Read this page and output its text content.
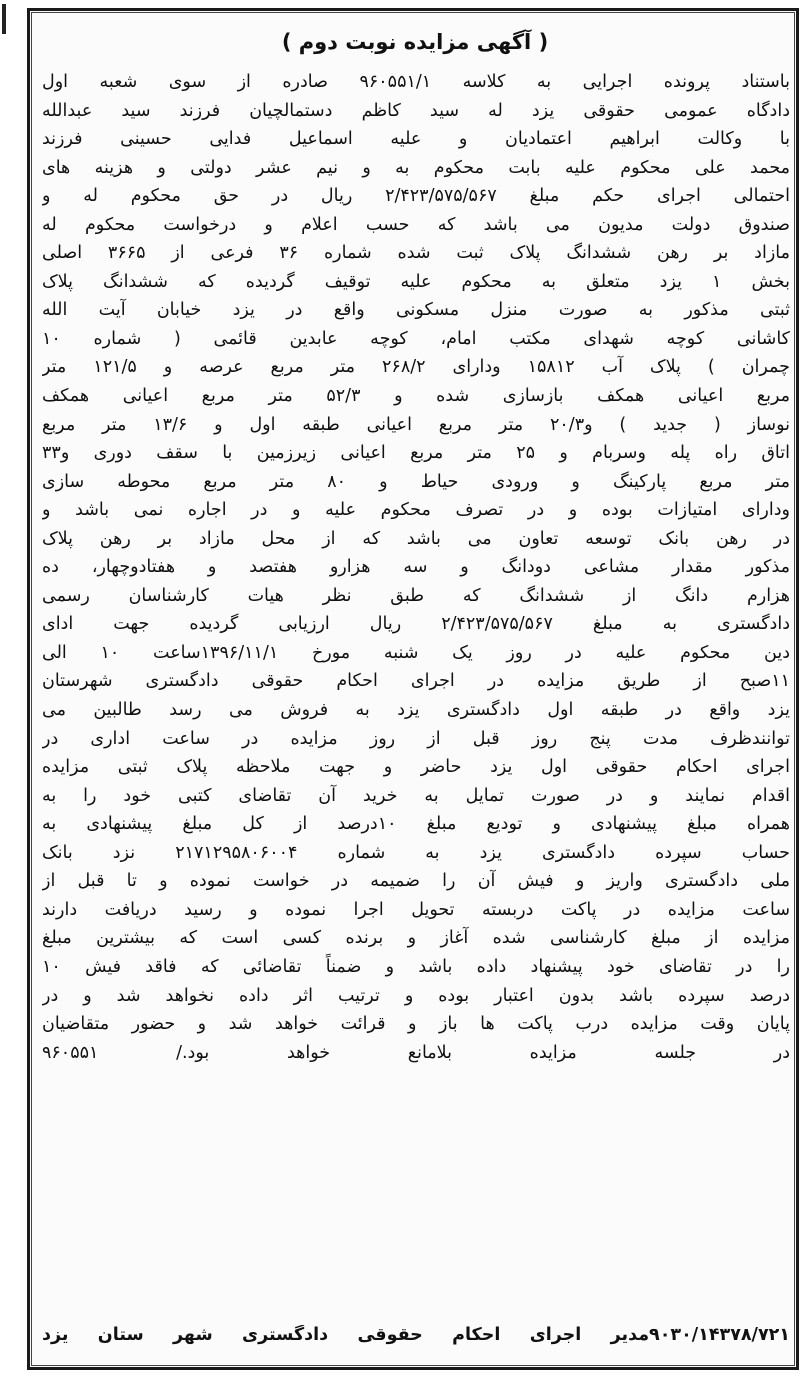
( آگهی مزایده نوبت دوم )
باستناد پرونده اجرایی به کلاسه ۹۶۰۵۵۱/۱ صادره از سوی شعبه اول
دادگاه عمومی حقوقی یزد له سید کاظم دستمالچیان فرزند سید عبدالله
با وکالت ابراهیم اعتمادیان و علیه اسماعیل فدایی حسینی فرزند
محمد علی محکوم علیه بابت محکوم به و نیم عشر دولتی و هزینه های
احتمالی اجرای حکم مبلغ ۲/۴۲۳/۵۷۵/۵۶۷ ریال در حق محکوم له و
صندوق دولت مدیون می باشد که حسب اعلام و درخواست محکوم له
مازاد بر رهن ششدانگ پلاک ثبت شده شماره ۳۶ فرعی از ۳۶۶۵ اصلی
بخش ۱ یزد متعلق به محکوم علیه توقیف گردیده که ششدانگ پلاک
ثبتی مذکور به صورت منزل مسکونی واقع در یزد خیابان آیت الله
کاشانی کوچه شهدای مکتب امام، کوچه عابدین قائمی ( شماره ۱۰
چمران ) پلاک آب ۱۵۸۱۲ ودارای ۲۶۸/۲ متر مربع عرصه و ۱۲۱/۵ متر
مربع اعیانی همکف بازسازی شده و ۵۲/۳ متر مربع اعیانی همکف
نوساز ( جدید ) و۲۰/۳ متر مربع اعیانی طبقه اول و ۱۳/۶ متر مربع
اتاق راه پله وسربام و ۲۵ متر مربع اعیانی زیرزمین با سقف دوری و۳۳
متر مربع پارکینگ و ورودی حیاط و ۸۰ متر مربع محوطه سازی
ودارای امتیازات بوده و در تصرف محکوم علیه و در اجاره نمی باشد و
در رهن بانک توسعه تعاون می باشد که از محل مازاد بر رهن پلاک
مذکور مقدار مشاعی دودانگ و سه هزارو هفتصد و هفتادوچهار، ده
هزارم دانگ از ششدانگ که طبق نظر هیات کارشناسان رسمی
دادگستری به مبلغ ۲/۴۲۳/۵۷۵/۵۶۷ ریال ارزیابی گردیده جهت ادای
دین محکوم علیه در روز یک شنبه مورخ ۱۳۹۶/۱۱/۱ساعت ۱۰ الی
۱۱صبح از طریق مزایده در اجرای احکام حقوقی دادگستری شهرستان
یزد واقع در طبقه اول دادگستری یزد به فروش می رسد طالبین می
توانندظرف مدت پنج روز قبل از روز مزایده در ساعت اداری در
اجرای احکام حقوقی اول یزد حاضر و جهت ملاحظه پلاک ثبتی مزایده
اقدام نمایند و در صورت تمایل به خرید آن تقاضای کتبی خود را به
همراه مبلغ پیشنهادی و تودیع مبلغ ۱۰درصد از کل مبلغ پیشنهادی به
حساب سپرده دادگستری یزد به شماره ۲۱۷۱۲۹۵۸۰۶۰۰۴ نزد بانک
ملی دادگستری واریز و فیش آن را ضمیمه در خواست نموده و تا قبل از
ساعت مزایده در پاکت دربسته تحویل اجرا نموده و رسید دریافت دارند
مزایده از مبلغ کارشناسی شده آغاز و برنده کسی است که بیشترین مبلغ
را در تقاضای خود پیشنهاد داده باشد و ضمناً تقاضائی که فاقد فیش ۱۰
درصد سپرده باشد بدون اعتبار بوده و ترتیب اثر داده نخواهد شد و در
پایان وقت مزایده درب پاکت ها باز و قرائت خواهد شد و حضور متقاضیان
در جلسه مزایده بلامانع خواهد بود./ ۹۶۰۵۵۱
۹۰۳۰/۱۴۳۷۸/۷۲۱مدیر اجرای احکام حقوقی دادگستری شهر ستان یزد
